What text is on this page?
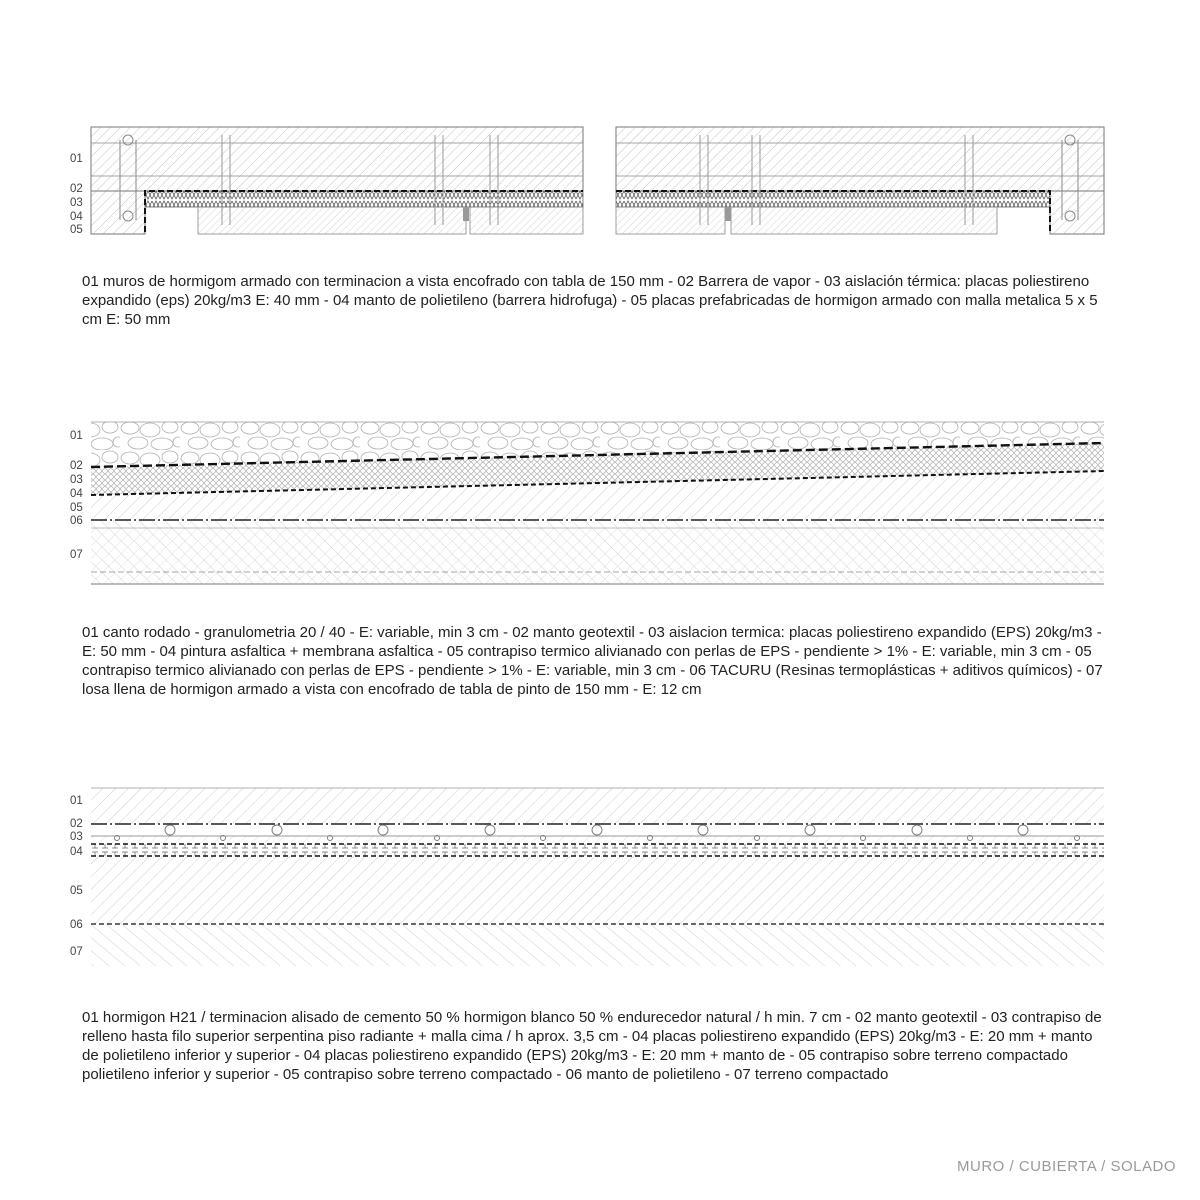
01
02
03
04
05

01 muros de hormigom armado con terminacion a vista encofrado con tabla de 150 mm - 02 Barrera de vapor - 03 aislación térmica: placas poliestireno expandido (eps) 20kg/m3 E: 40 mm - 04 manto de polietileno (barrera hidrofuga) - 05 placas prefabricadas de hormigon armado con malla metalica 5 x 5 cm E: 50 mm

01
02
03
04
05
06
07

01 canto rodado - granulometria 20 / 40 - E: variable, min 3 cm - 02 manto geotextil - 03 aislacion termica: placas poliestireno expandido (EPS) 20kg/m3 - E: 50 mm - 04 pintura asfaltica + membrana asfaltica - 05 contrapiso termico alivianado con perlas de EPS - pendiente > 1% - E: variable, min 3 cm - 05 contrapiso termico alivianado con perlas de EPS - pendiente > 1% - E: variable, min 3 cm - 06 TACURU (Resinas termoplásticas + aditivos químicos) - 07 losa llena de hormigon armado a vista con encofrado de tabla de pinto de 150 mm - E: 12 cm

01
02
03
04
05
06
07

01 hormigon H21 / terminacion alisado de cemento 50 % hormigon blanco 50 % endurecedor natural / h min. 7 cm - 02 manto geotextil - 03 contrapiso de relleno hasta filo superior serpentina piso radiante + malla cima / h aprox. 3,5 cm - 04 placas poliestireno expandido (EPS) 20kg/m3 - E: 20 mm + manto de polietileno inferior y superior - 04 placas poliestireno expandido (EPS) 20kg/m3 - E: 20 mm + manto de - 05 contrapiso sobre terreno compactado polietileno inferior y superior - 05 contrapiso sobre terreno compactado - 06 manto de polietileno - 07 terreno compactado

MURO / CUBIERTA / SOLADO
